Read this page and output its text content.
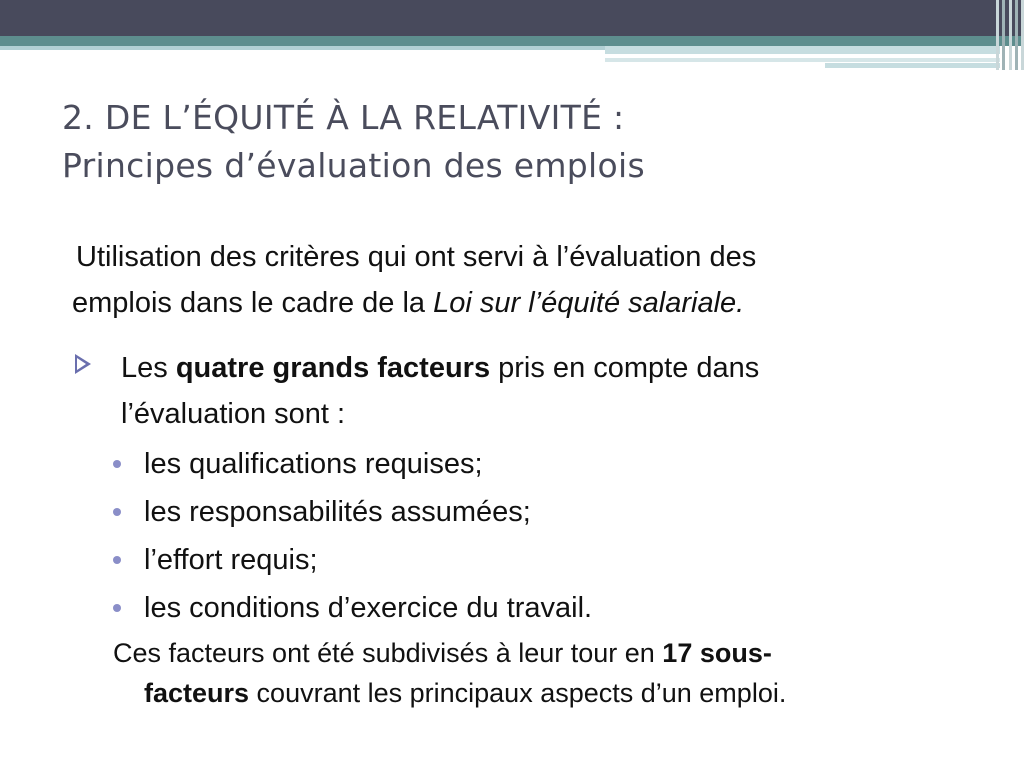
2. DE L’ÉQUITÉ À LA RELATIVITÉ :
Principes d’évaluation des emplois

Utilisation des critères qui ont servi à l’évaluation des
emplois dans le cadre de la Loi sur l’équité salariale.

Les quatre grands facteurs pris en compte dans
l’évaluation sont :
les qualifications requises;
les responsabilités assumées;
l’effort requis;
les conditions d’exercice du travail.
Ces facteurs ont été subdivisés à leur tour en 17 sous-
facteurs couvrant les principaux aspects d’un emploi.
